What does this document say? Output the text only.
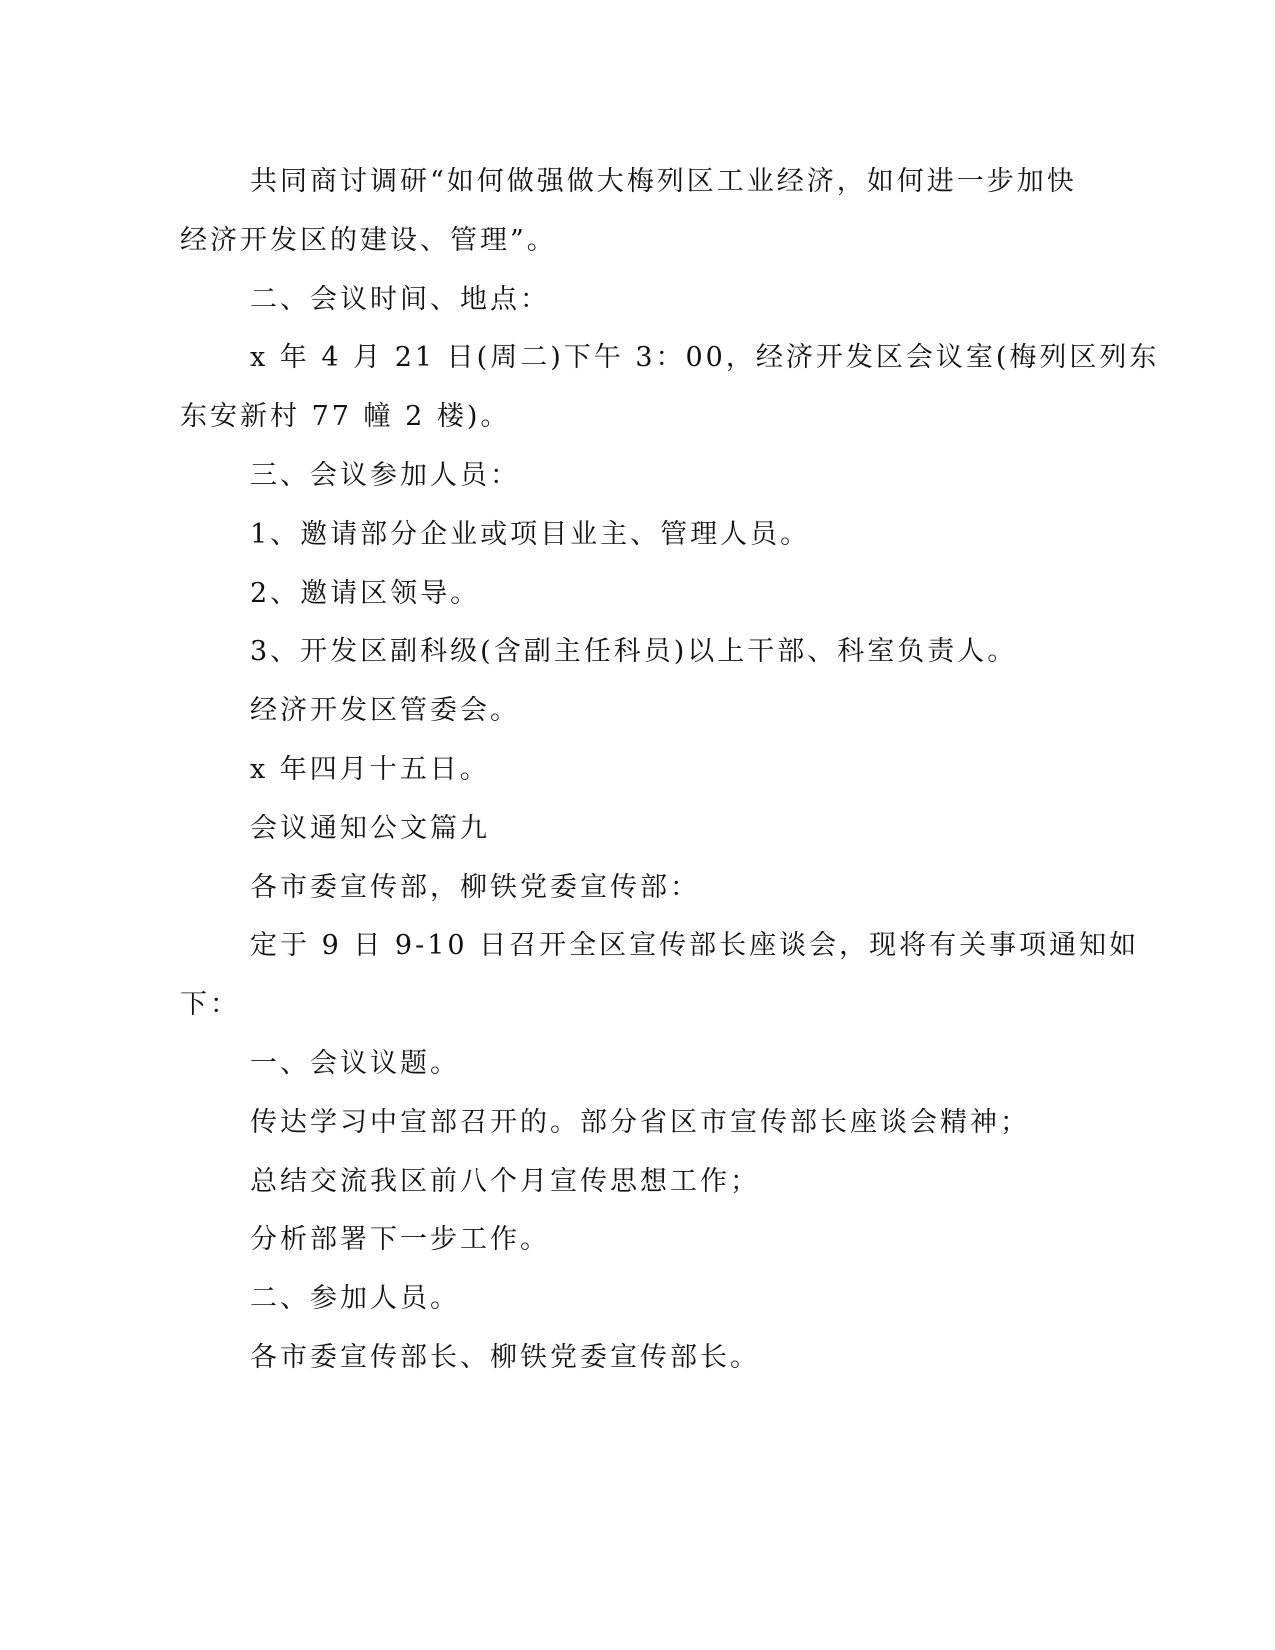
共同商讨调研“如何做强做大梅列区工业经济，如何进一步加快
经济开发区的建设、管理”。
二、会议时间、地点：
x 年 4 月 21 日(周二)下午 3：00，经济开发区会议室(梅列区列东
东安新村 77 幢 2 楼)。
三、会议参加人员：
1、邀请部分企业或项目业主、管理人员。
2、邀请区领导。
3、开发区副科级(含副主任科员)以上干部、科室负责人。
经济开发区管委会。
x 年四月十五日。
会议通知公文篇九
各市委宣传部，柳铁党委宣传部：
定于 9 日 9-10 日召开全区宣传部长座谈会，现将有关事项通知如
下：
一、会议议题。
传达学习中宣部召开的。部分省区市宣传部长座谈会精神；
总结交流我区前八个月宣传思想工作；
分析部署下一步工作。
二、参加人员。
各市委宣传部长、柳铁党委宣传部长。
